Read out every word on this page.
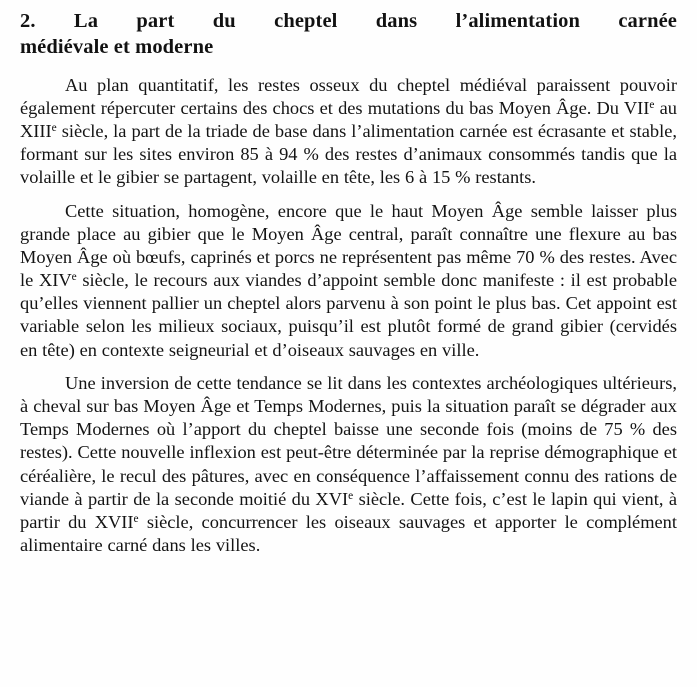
2. La part du cheptel dans l’alimentation carnée
médiévale et moderne

Au plan quantitatif, les restes osseux du cheptel médiéval paraissent pouvoir également répercuter certains des chocs et des mutations du bas Moyen Âge. Du VIIe au XIIIe siècle, la part de la triade de base dans l’alimentation carnée est écrasante et stable, formant sur les sites environ 85 à 94 % des restes d’animaux consommés tandis que la volaille et le gibier se partagent, volaille en tête, les 6 à 15 % restants.

Cette situation, homogène, encore que le haut Moyen Âge semble laisser plus grande place au gibier que le Moyen Âge central, paraît connaître une flexure au bas Moyen Âge où bœufs, caprinés et porcs ne représentent pas même 70 % des restes. Avec le XIVe siècle, le recours aux viandes d’appoint semble donc manifeste : il est probable qu’elles viennent pallier un cheptel alors parvenu à son point le plus bas. Cet appoint est variable selon les milieux sociaux, puisqu’il est plutôt formé de grand gibier (cervidés en tête) en contexte seigneurial et d’oiseaux sauvages en ville.

Une inversion de cette tendance se lit dans les contextes archéologiques ultérieurs, à cheval sur bas Moyen Âge et Temps Modernes, puis la situation paraît se dégrader aux Temps Modernes où l’apport du cheptel baisse une seconde fois (moins de 75 % des restes). Cette nouvelle inflexion est peut-être déterminée par la reprise démographique et céréalière, le recul des pâtures, avec en conséquence l’affaissement connu des rations de viande à partir de la seconde moitié du XVIe siècle. Cette fois, c’est le lapin qui vient, à partir du XVIIe siècle, concurrencer les oiseaux sauvages et apporter le complément alimentaire carné dans les villes.
